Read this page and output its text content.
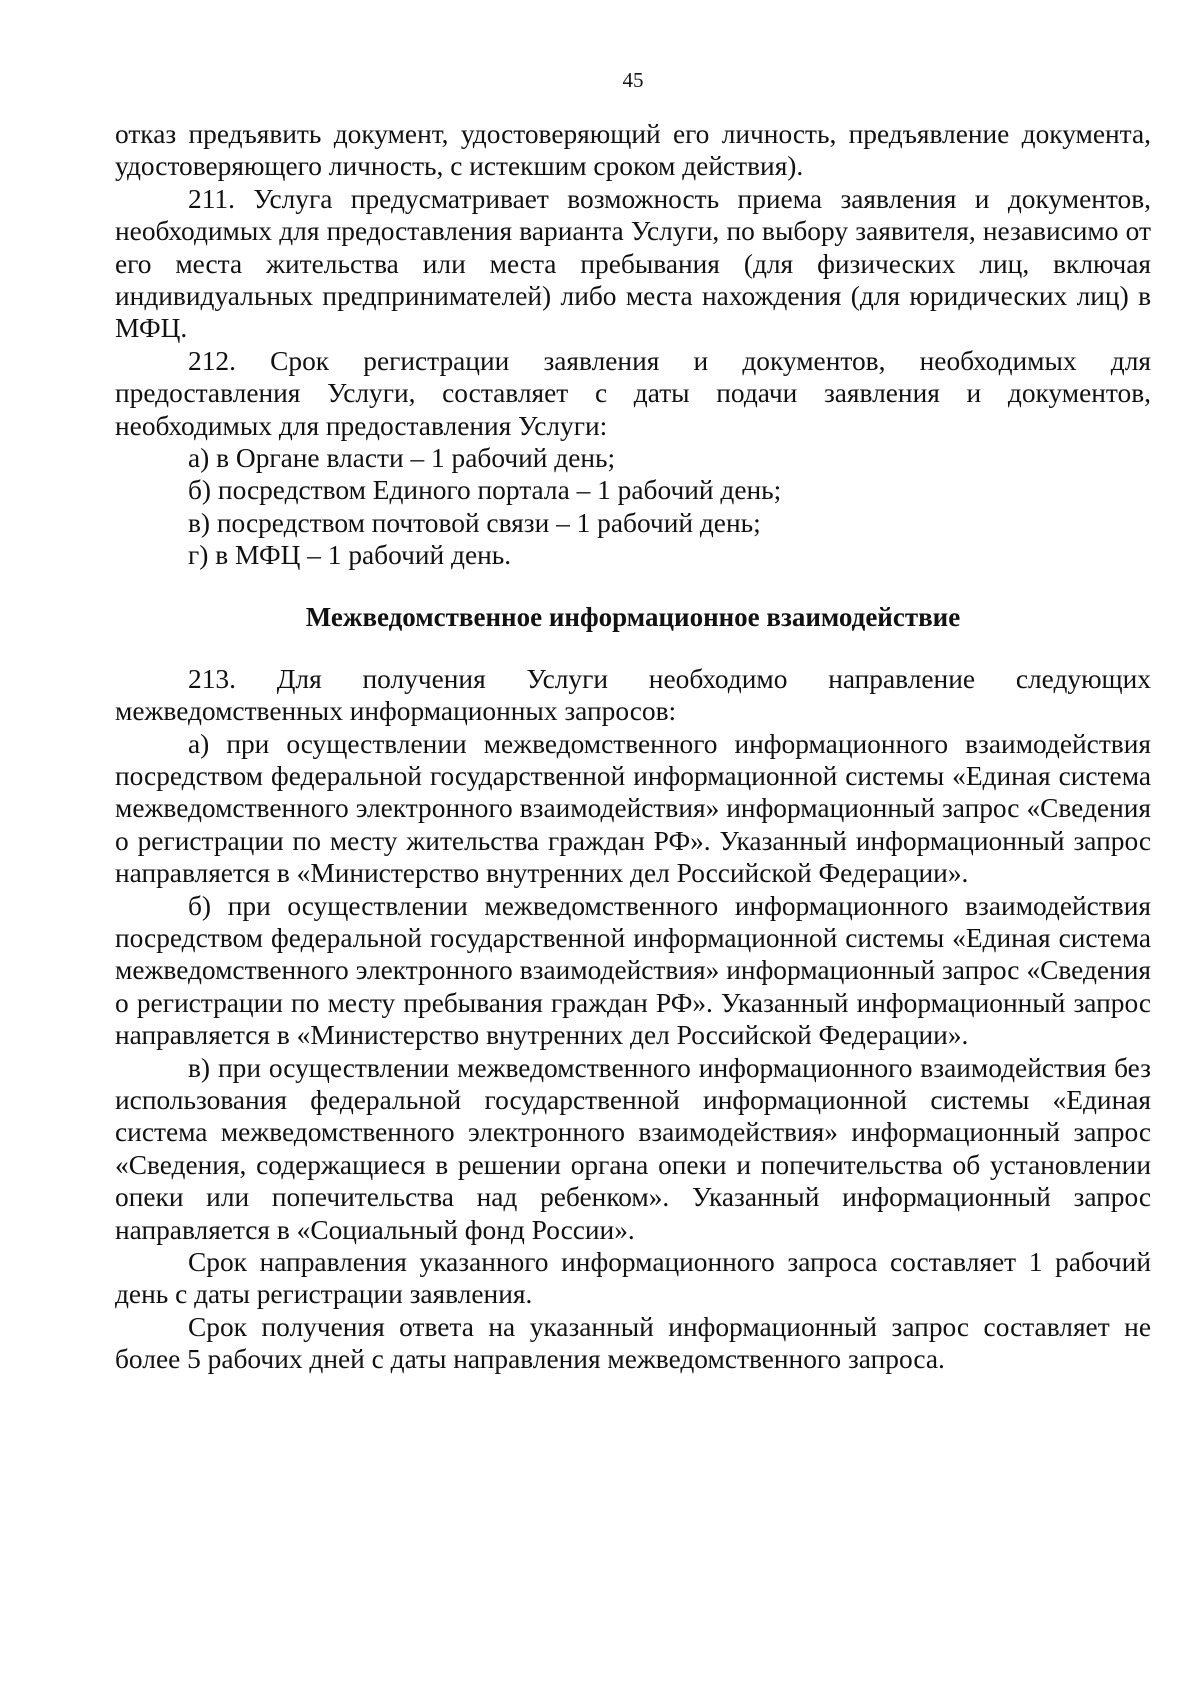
45

отказ предъявить документ, удостоверяющий его личность, предъявление документа, удостоверяющего личность, с истекшим сроком действия).

211. Услуга предусматривает возможность приема заявления и документов, необходимых для предоставления варианта Услуги, по выбору заявителя, независимо от его места жительства или места пребывания (для физических лиц, включая индивидуальных предпринимателей) либо места нахождения (для юридических лиц) в МФЦ.

212. Срок регистрации заявления и документов, необходимых для предоставления Услуги, составляет с даты подачи заявления и документов, необходимых для предоставления Услуги:

а) в Органе власти – 1 рабочий день;

б) посредством Единого портала – 1 рабочий день;

в) посредством почтовой связи – 1 рабочий день;

г) в МФЦ – 1 рабочий день.

Межведомственное информационное взаимодействие

213. Для получения Услуги необходимо направление следующих межведомственных информационных запросов:

а) при осуществлении межведомственного информационного взаимодействия посредством федеральной государственной информационной системы «Единая система межведомственного электронного взаимодействия» информационный запрос «Сведения о регистрации по месту жительства граждан РФ». Указанный информационный запрос направляется в «Министерство внутренних дел Российской Федерации».

б) при осуществлении межведомственного информационного взаимодействия посредством федеральной государственной информационной системы «Единая система межведомственного электронного взаимодействия» информационный запрос «Сведения о регистрации по месту пребывания граждан РФ». Указанный информационный запрос направляется в «Министерство внутренних дел Российской Федерации».

в) при осуществлении межведомственного информационного взаимодействия без использования федеральной государственной информационной системы «Единая система межведомственного электронного взаимодействия» информационный запрос «Сведения, содержащиеся в решении органа опеки и попечительства об установлении опеки или попечительства над ребенком». Указанный информационный запрос направляется в «Социальный фонд России».

Срок направления указанного информационного запроса составляет 1 рабочий день с даты регистрации заявления.

Срок получения ответа на указанный информационный запрос составляет не более 5 рабочих дней с даты направления межведомственного запроса.
